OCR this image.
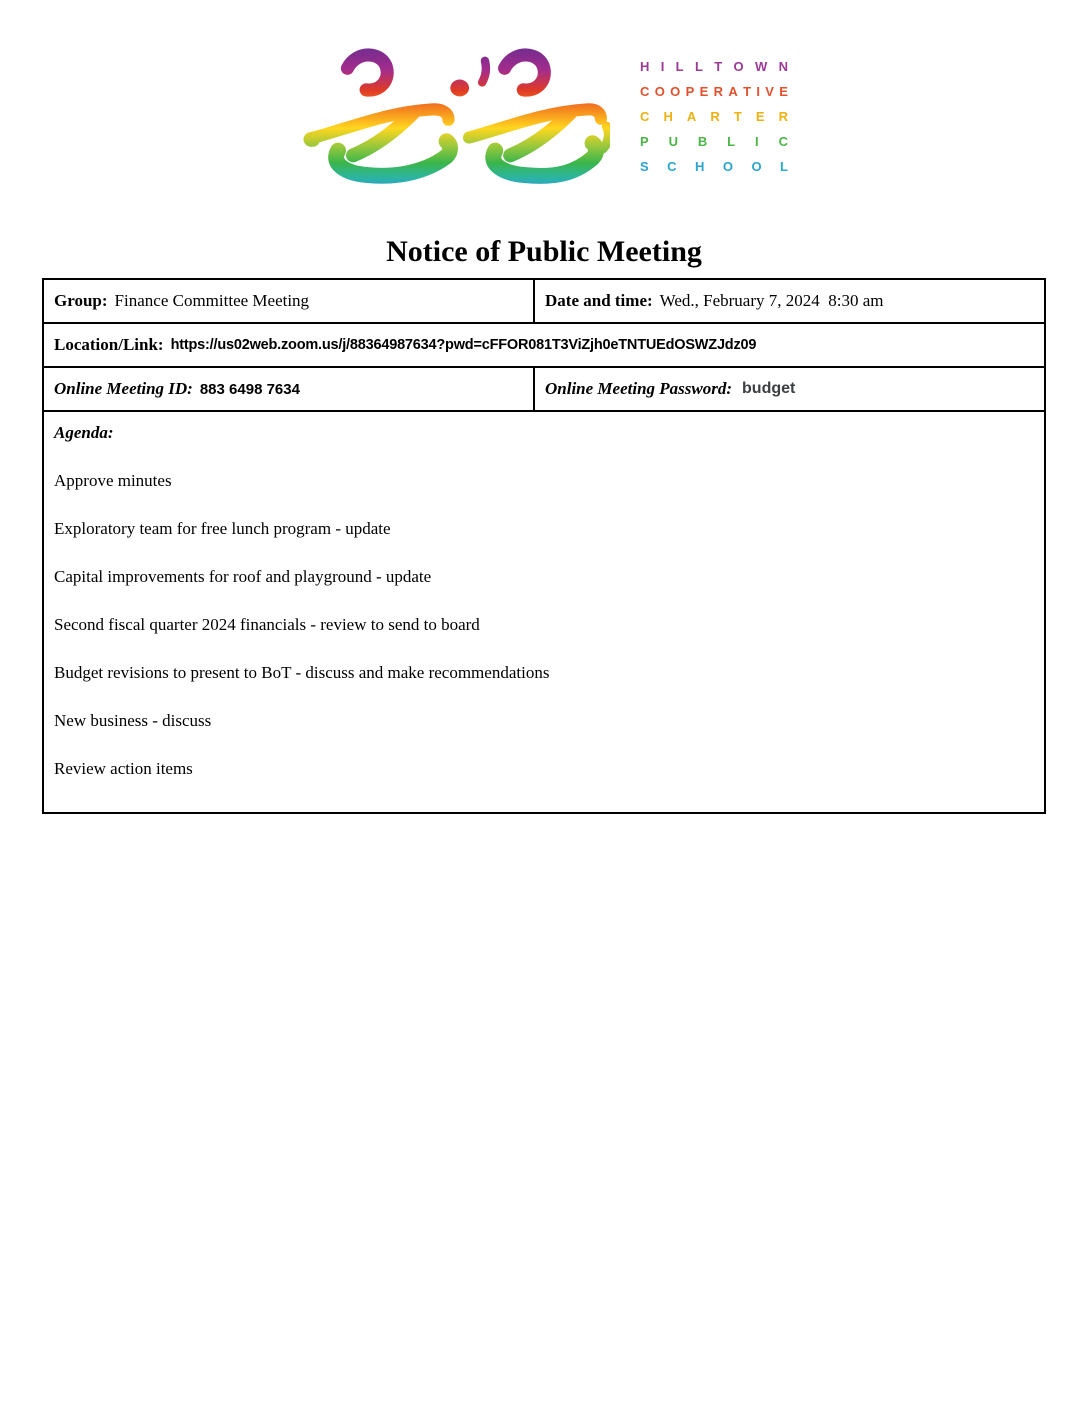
H I L L T O W N
C O O P E R A T I V E
C H A R T E R
P U B L I C
S C H O O L
Notice of Public Meeting
Group: Finance Committee Meeting	Date and time: Wed., February 7, 2024  8:30 am
Location/Link: https://us02web.zoom.us/j/88364987634?pwd=cFFOR081T3ViZjh0eTNTUEdOSWZJdz09
Online Meeting ID: 883 6498 7634	Online Meeting Password: budget

Agenda:

Approve minutes

Exploratory team for free lunch program - update

Capital improvements for roof and playground - update

Second fiscal quarter 2024 financials - review to send to board

Budget revisions to present to BoT - discuss and make recommendations

New business - discuss

Review action items
